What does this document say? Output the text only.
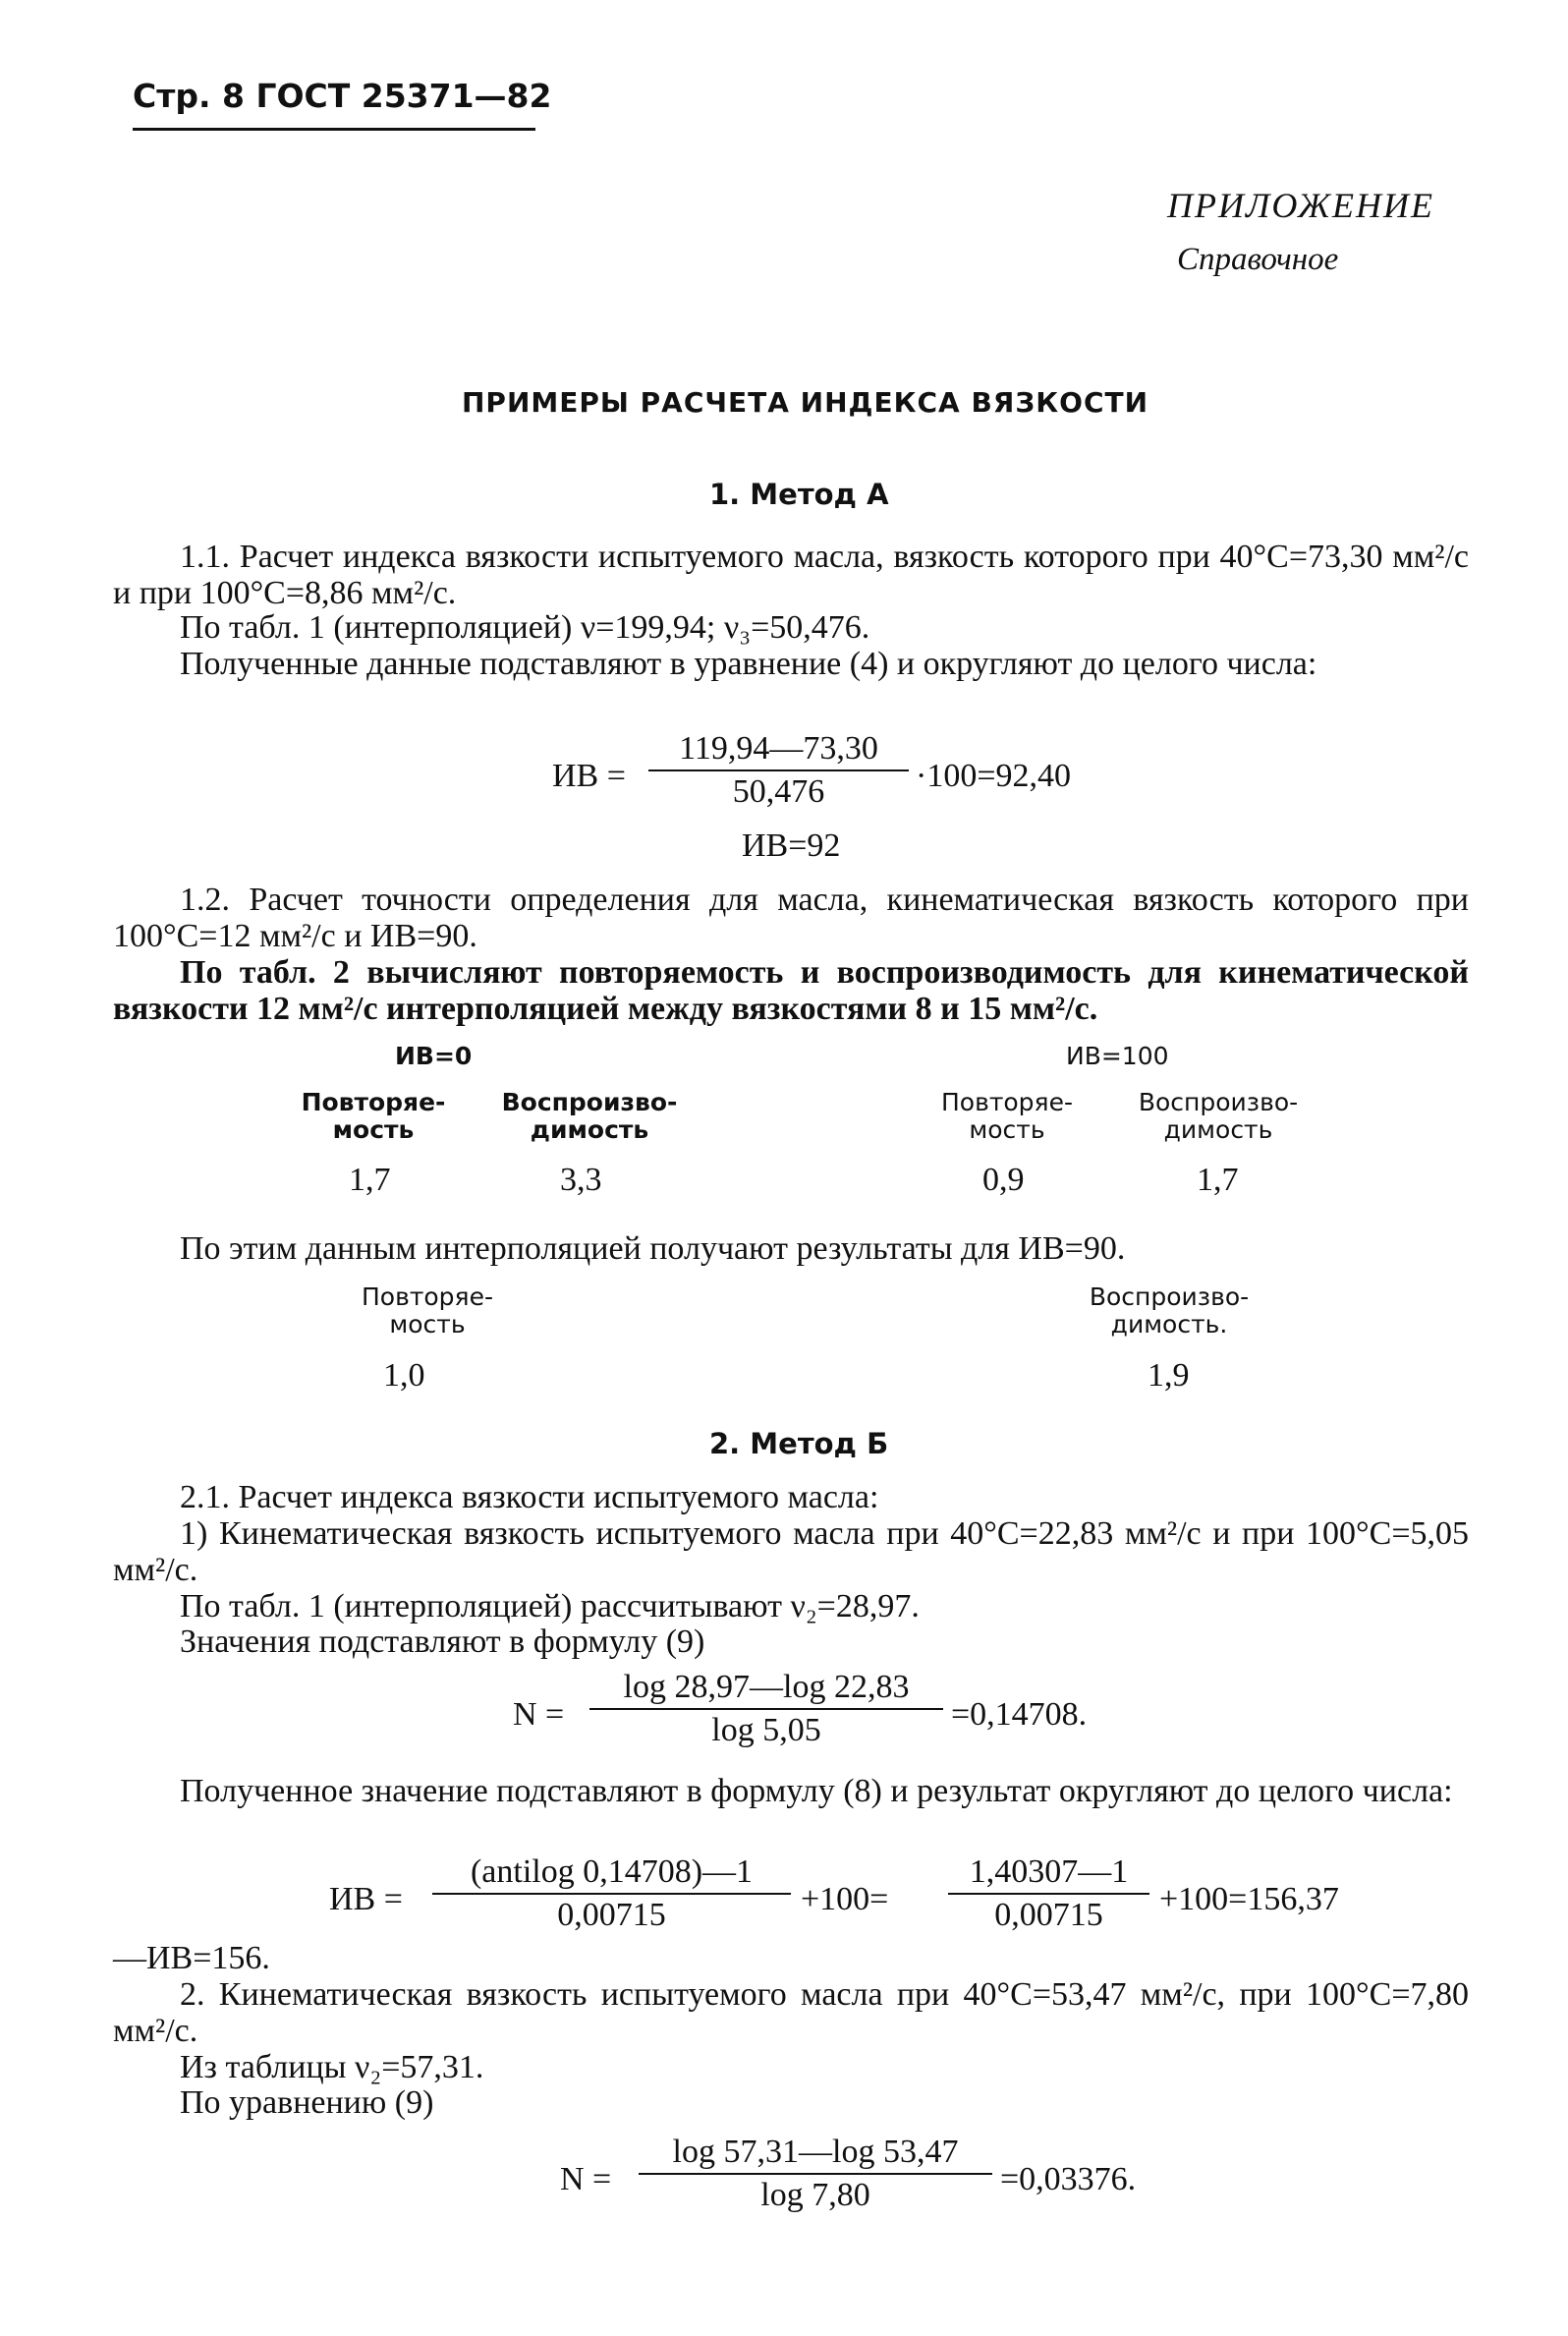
Стр. 8 ГОСТ 25371—82
ПРИЛОЖЕНИЕ
Справочное
ПРИМЕРЫ РАСЧЕТА ИНДЕКСА ВЯЗКОСТИ
1. Метод А
1.1. Расчет индекса вязкости испытуемого масла, вязкость которого при 40°С=73,30 мм²/с и при 100°С=8,86 мм²/с.
По табл. 1 (интерполяцией) ν=199,94; ν₃=50,476.
Полученные данные подставляют в уравнение (4) и округляют до целого числа:
ИВ =
119,94—73,30
50,476	·100=92,40
ИВ=92
1.2. Расчет точности определения для масла, кинематическая вязкость которого при 100°С=12 мм²/с и ИВ=90.
По табл. 2 вычисляют повторяемость и воспроизводимость для кинематической вязкости 12 мм²/с интерполяцией между вязкостями 8 и 15 мм²/с.
ИВ=0	ИВ=100
Повторяе-
мость
Воспроизво-
димость
Повторяе-
мость
Воспроизво-
димость
1,7	3,3	0,9	1,7
По этим данным интерполяцией получают результаты для ИВ=90.
Повторяе-
мость
Воспроизво-
димость.
1,0	1,9
2. Метод Б
2.1. Расчет индекса вязкости испытуемого масла:
1) Кинематическая вязкость испытуемого масла при 40°С=22,83 мм²/с и при 100°С=5,05 мм²/с.
По табл. 1 (интерполяцией) рассчитывают ν₂=28,97.
Значения подставляют в формулу (9)
N =
log 28,97—log 22,83
log 5,05	=0,14708.
Полученное значение подставляют в формулу (8) и результат округляют до целого числа:
ИВ =
(antilog 0,14708)—1
0,00715	+100=
1,40307—1
0,00715 +100=156,37
—ИВ=156.
2. Кинематическая вязкость испытуемого масла при 40°С=53,47 мм²/с, при 100°С=7,80 мм²/с.
Из таблицы ν₂=57,31.
По уравнению (9)
N =
log 57,31—log 53,47
log 7,80	=0,03376.
